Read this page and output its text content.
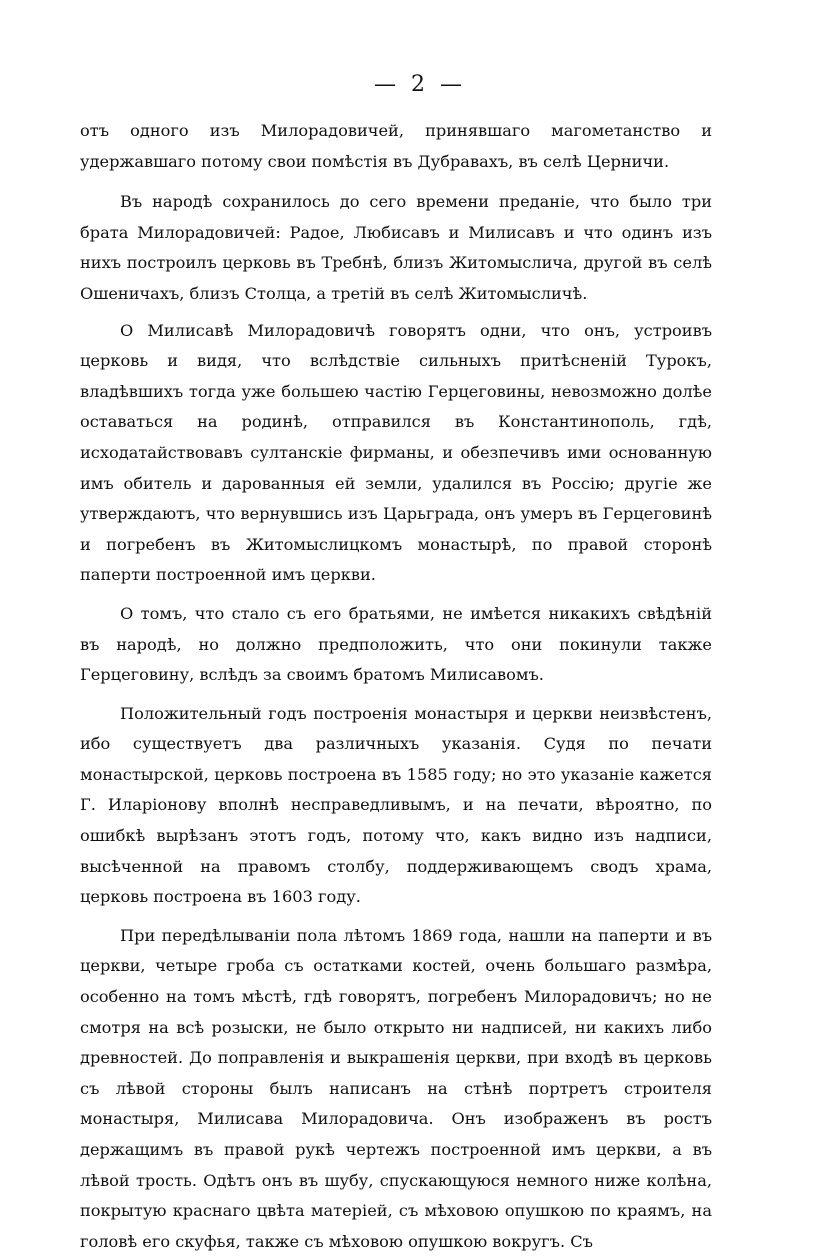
— 2 —

отъ одного изъ Милорадовичей, принявшаго магометанство и удержавшаго потому свои помѣстія въ Дубравахъ, въ селѣ Церничи.

Въ народѣ сохранилось до сего времени преданіе, что было три брата Милорадовичей: Радое, Любисавъ и Милисавъ и что одинъ изъ нихъ построилъ церковь въ Требнѣ, близъ Житомыслича, другой въ селѣ Ошеничахъ, близъ Столца, а третій въ селѣ Житомысличѣ.

О Милисавѣ Милорадовичѣ говорятъ одни, что онъ, устроивъ церковь и видя, что вслѣдствіе сильныхъ притѣсненій Турокъ, владѣвшихъ тогда уже большею частію Герцеговины, невозможно долѣе оставаться на родинѣ, отправился въ Константинополь, гдѣ, исходатайствовавъ султанскіе фирманы, и обезпечивъ ими основанную имъ обитель и дарованныя ей земли, удалился въ Россію; другіе же утверждаютъ, что вернувшись изъ Царьграда, онъ умеръ въ Герцеговинѣ и погребенъ въ Житомыслицкомъ монастырѣ, по правой сторонѣ паперти построенной имъ церкви.

О томъ, что стало съ его братьями, не имѣется никакихъ свѣдѣній въ народѣ, но должно предположить, что они покинули также Герцеговину, вслѣдъ за своимъ братомъ Милисавомъ.

Положительный годъ построенія монастыря и церкви неизвѣстенъ, ибо существуетъ два различныхъ указанія. Судя по печати монастырской, церковь построена въ 1585 году; но это указаніе кажется Г. Иларіонову вполнѣ несправедливымъ, и на печати, вѣроятно, по ошибкѣ вырѣзанъ этотъ годъ, потому что, какъ видно изъ надписи, высѣченной на правомъ столбу, поддерживающемъ сводъ храма, церковь построена въ 1603 году.

При передѣлываніи пола лѣтомъ 1869 года, нашли на паперти и въ церкви, четыре гроба съ остатками костей, очень большаго размѣра, особенно на томъ мѣстѣ, гдѣ говорятъ, погребенъ Милорадовичъ; но не смотря на всѣ розыски, не было открыто ни надписей, ни какихъ либо древностей. До поправленія и выкрашенія церкви, при входѣ въ церковь съ лѣвой стороны былъ написанъ на стѣнѣ портретъ строителя монастыря, Милисава Милорадовича. Онъ изображенъ въ ростъ держащимъ въ правой рукѣ чертежъ построенной имъ церкви, а въ лѣвой трость. Одѣтъ онъ въ шубу, спускающуюся немного ниже колѣна, покрытую краснаго цвѣта матеріей, съ мѣховою опушкою по краямъ, на головѣ его скуфья, также съ мѣховою опушкою вокругъ. Съ
